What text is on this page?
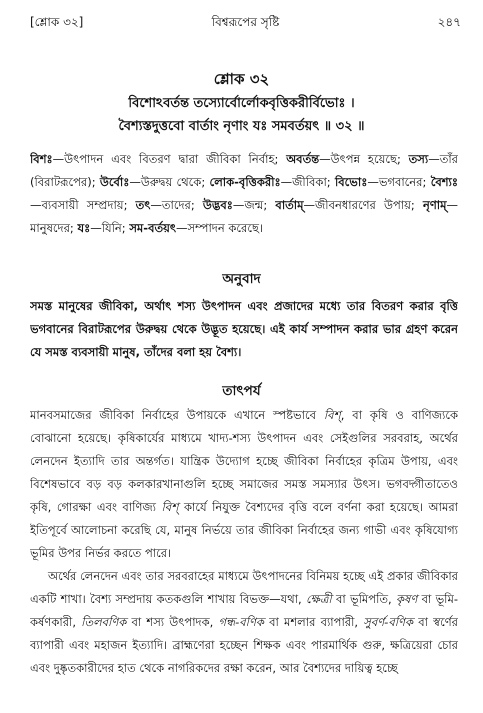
[শ্লোক ৩২]	বিশ্বরূপের সৃষ্টি	২৪৭
শ্লোক ৩২
বিশোঽবর্তন্ত তস্যোর্বোর্লোকবৃত্তিকরীর্বিভোঃ ।
বৈশ্যস্তদুত্তবো বার্তাং নৃণাং যঃ সমবর্তয়ৎ ॥ ৩২ ॥
বিশঃ—উৎপাদন এবং বিতরণ দ্বারা জীবিকা নির্বাহ; অবর্তন্ত—উৎপন্ন হয়েছে; তস্য—তাঁর (বিরাটরূপের); উর্বোঃ—উরুদ্বয় থেকে; লোক-বৃত্তিকরীঃ—জীবিকা; বিভোঃ—ভগবানের; বৈশ্যঃ—ব্যবসায়ী সম্প্রদায়; তৎ—তাদের; উদ্ভবঃ—জন্ম; বার্তাম্—জীবনধারণের উপায়; নৃণাম্—মানুষদের; যঃ—যিনি; সম-বর্তয়ৎ—সম্পাদন করেছে।
অনুবাদ
সমস্ত মানুষের জীবিকা, অর্থাৎ শস্য উৎপাদন এবং প্রজাদের মধ্যে তার বিতরণ করার বৃত্তি ভগবানের বিরাটরূপের উরুদ্বয় থেকে উদ্ভূত হয়েছে। এই কার্য সম্পাদন করার ভার গ্রহণ করেন যে সমস্ত ব্যবসায়ী মানুষ, তাঁদের বলা হয় বৈশ্য।
তাৎপর্য

মানবসমাজের জীবিকা নির্বাহের উপায়কে এখানে স্পষ্টভাবে বিশ্, বা কৃষি ও বাণিজ্যকে বোঝানো হয়েছে। কৃষিকার্যের মাধ্যমে খাদ্য-শস্য উৎপাদন এবং সেইগুলির সরবরাহ, অর্থের লেনদেন ইত্যাদি তার অন্তর্গত। যান্ত্রিক উদ্যোগ হচ্ছে জীবিকা নির্বাহের কৃত্রিম উপায়, এবং বিশেষভাবে বড় বড় কলকারখানাগুলি হচ্ছে সমাজের সমস্ত সমস্যার উৎস। ভগবদ্গীতাতেও কৃষি, গোরক্ষা এবং বাণিজ্য বিশ্ কার্যে নিযুক্ত বৈশ্যদের বৃত্তি বলে বর্ণনা করা হয়েছে। আমরা ইতিপূর্বে আলোচনা করেছি যে, মানুষ নির্ভয়ে তার জীবিকা নির্বাহের জন্য গাভী এবং কৃষিযোগ্য ভূমির উপর নির্ভর করতে পারে।

অর্থের লেনদেন এবং তার সরবরাহের মাধ্যমে উৎপাদনের বিনিময় হচ্ছে এই প্রকার জীবিকার একটি শাখা। বৈশ্য সম্প্রদায় কতকগুলি শাখায় বিভক্ত—যথা, ক্ষেত্রী বা ভূমিপতি, কৃষণ বা ভূমি-কর্ষণকারী, তিলবণিক বা শস্য উৎপাদক, গন্ধ-বণিক বা মশলার ব্যাপারী, সুবর্ণ-বণিক বা স্বর্ণের ব্যাপারী এবং মহাজন ইত্যাদি। ব্রাহ্মণেরা হচ্ছেন শিক্ষক এবং পারমার্থিক গুরু, ক্ষত্রিয়েরা চোর এবং দুষ্কৃতকারীদের হাত থেকে নাগরিকদের রক্ষা করেন, আর বৈশ্যদের দায়িত্ব হচ্ছে
